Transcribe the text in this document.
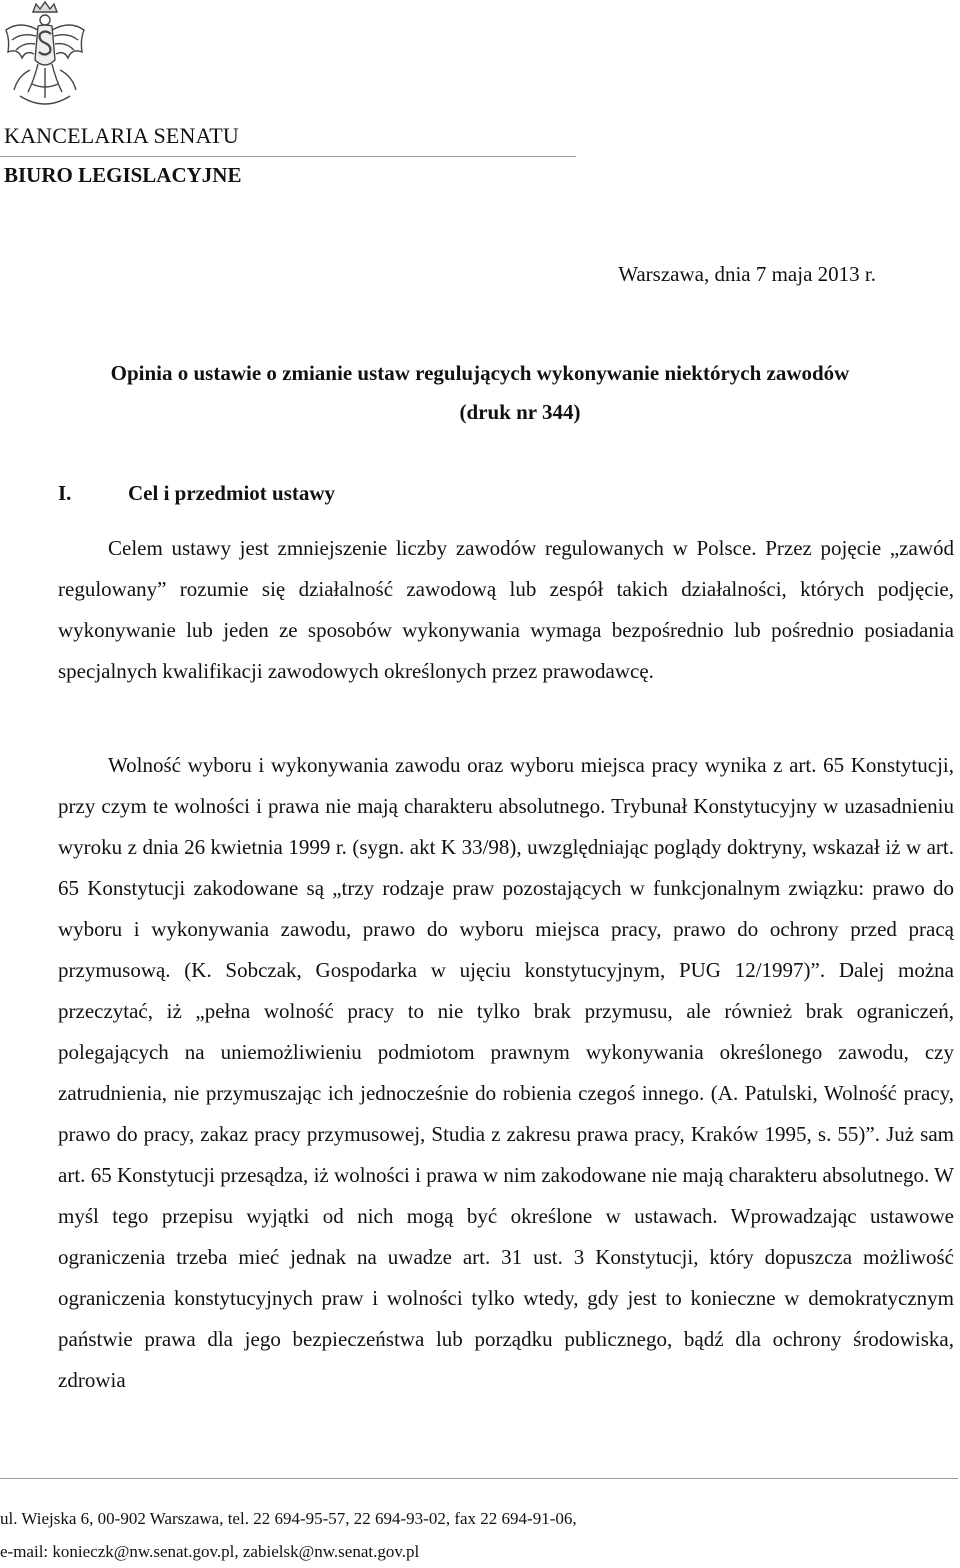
KANCELARIA SENATU
BIURO LEGISLACYJNE
Warszawa, dnia 7 maja 2013 r.
Opinia o ustawie o zmianie ustaw regulujących wykonywanie niektórych zawodów
(druk nr 344)
I.	Cel i przedmiot ustawy

Celem ustawy jest zmniejszenie liczby zawodów regulowanych w Polsce. Przez pojęcie „zawód regulowany” rozumie się działalność zawodową lub zespół takich działalności, których podjęcie, wykonywanie lub jeden ze sposobów wykonywania wymaga bezpośrednio lub pośrednio posiadania specjalnych kwalifikacji zawodowych określonych przez prawodawcę.

Wolność wyboru i wykonywania zawodu oraz wyboru miejsca pracy wynika z art. 65 Konstytucji, przy czym te wolności i prawa nie mają charakteru absolutnego. Trybunał Konstytucyjny w uzasadnieniu wyroku z dnia 26 kwietnia 1999 r. (sygn. akt K 33/98), uwzględniając poglądy doktryny, wskazał iż w art. 65 Konstytucji zakodowane są „trzy rodzaje praw pozostających w funkcjonalnym związku: prawo do wyboru i wykonywania zawodu, prawo do wyboru miejsca pracy, prawo do ochrony przed pracą przymusową. (K. Sobczak, Gospodarka w ujęciu konstytucyjnym, PUG 12/1997)”. Dalej można przeczytać, iż „pełna wolność pracy to nie tylko brak przymusu, ale również brak ograniczeń, polegających na uniemożliwieniu podmiotom prawnym wykonywania określonego zawodu, czy zatrudnienia, nie przymuszając ich jednocześnie do robienia czegoś innego. (A. Patulski, Wolność pracy, prawo do pracy, zakaz pracy przymusowej, Studia z zakresu prawa pracy, Kraków 1995, s. 55)”. Już sam art. 65 Konstytucji przesądza, iż wolności i prawa w nim zakodowane nie mają charakteru absolutnego. W myśl tego przepisu wyjątki od nich mogą być określone w ustawach. Wprowadzając ustawowe ograniczenia trzeba mieć jednak na uwadze art. 31 ust. 3 Konstytucji, który dopuszcza możliwość ograniczenia konstytucyjnych praw i wolności tylko wtedy, gdy jest to konieczne w demokratycznym państwie prawa dla jego bezpieczeństwa lub porządku publicznego, bądź dla ochrony środowiska, zdrowia

ul. Wiejska 6, 00-902 Warszawa, tel. 22 694-95-57, 22 694-93-02, fax 22 694-91-06,
e-mail: konieczk@nw.senat.gov.pl, zabielsk@nw.senat.gov.pl
